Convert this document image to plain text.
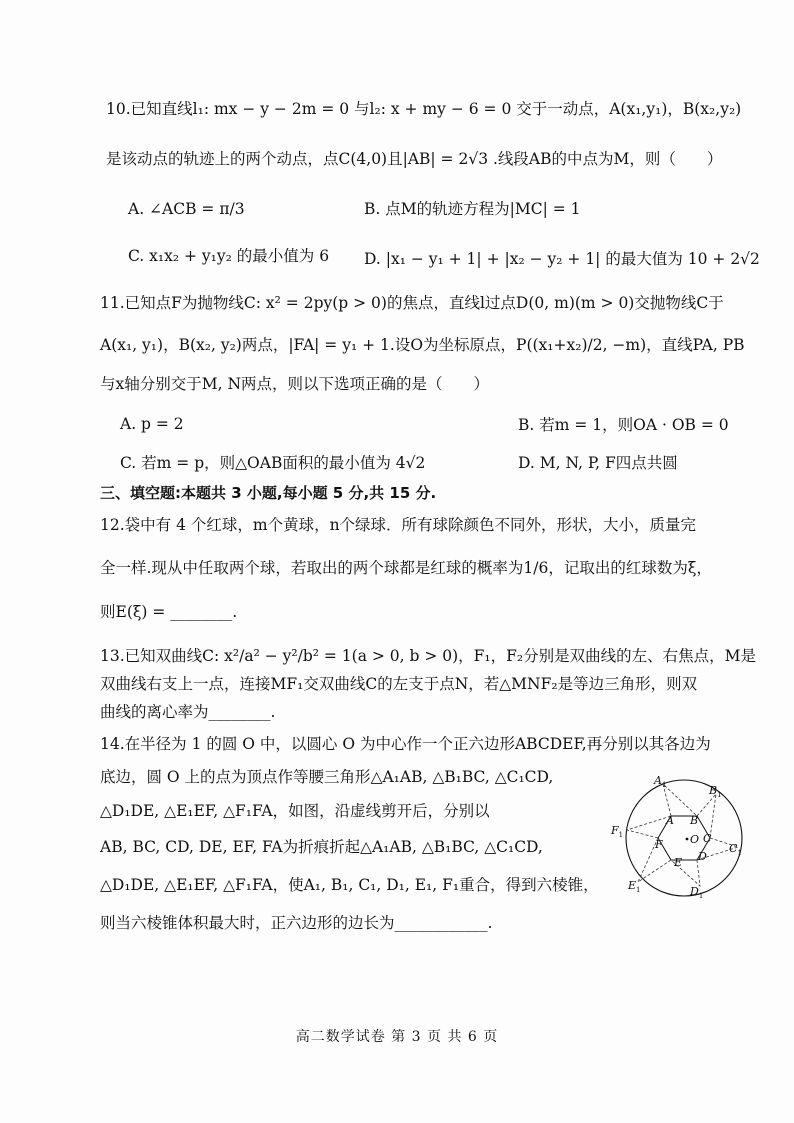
10.已知直线l₁: mx − y − 2m = 0 与l₂: x + my − 6 = 0 交于一动点，A(x₁,y₁)，B(x₂,y₂)
是该动点的轨迹上的两个动点，点C(4,0)且|AB| = 2√3 .线段AB的中点为M，则（　　）
A. ∠ACB = π/3	B. 点M的轨迹方程为|MC| = 1
C. x₁x₂ + y₁y₂ 的最小值为 6 D. |x₁ − y₁ + 1| + |x₂ − y₂ + 1| 的最大值为 10 + 2√2
11.已知点F为抛物线C: x² = 2py(p > 0)的焦点，直线l过点D(0, m)(m > 0)交抛物线C于
A(x₁, y₁)，B(x₂, y₂)两点，|FA| = y₁ + 1.设O为坐标原点，P((x₁+x₂)/2, −m)，直线PA, PB
与x轴分别交于M, N两点，则以下选项正确的是（　　）
A. p = 2	B. 若m = 1，则OA · OB = 0
C. 若m = p，则△OAB面积的最小值为 4√2	D. M, N, P, F四点共圆
三、填空题:本题共 3 小题,每小题 5 分,共 15 分.
12.袋中有 4 个红球，m个黄球，n个绿球．所有球除颜色不同外，形状，大小，质量完
全一样.现从中任取两个球，若取出的两个球都是红球的概率为1/6，记取出的红球数为ξ，
则E(ξ) = ________.
13.已知双曲线C: x²/a² − y²/b² = 1(a > 0, b > 0)，F₁，F₂分别是双曲线的左、右焦点，M是
双曲线右支上一点，连接MF₁交双曲线C的左支于点N，若△MNF₂是等边三角形，则双
曲线的离心率为________.
14.在半径为 1 的圆 O 中，以圆心 O 为中心作一个正六边形ABCDEF,再分别以其各边为
底边，圆 O 上的点为顶点作等腰三角形△A₁AB, △B₁BC, △C₁CD,
△D₁DE, △E₁EF, △F₁FA，如图，沿虚线剪开后，分别以
AB, BC, CD, DE, EF, FA为折痕折起△A₁AB, △B₁BC, △C₁CD,
△D₁DE, △E₁EF, △F₁FA，使A₁, B₁, C₁, D₁, E₁, F₁重合，得到六棱锥，
则当六棱锥体积最大时，正六边形的边长为____________.
O
A B
C
D
E
F
$A_1$	$B_1$
$C_1$
$D_1$
$E_1$
$F_1$
高二数学试卷 第 3 页 共 6 页
